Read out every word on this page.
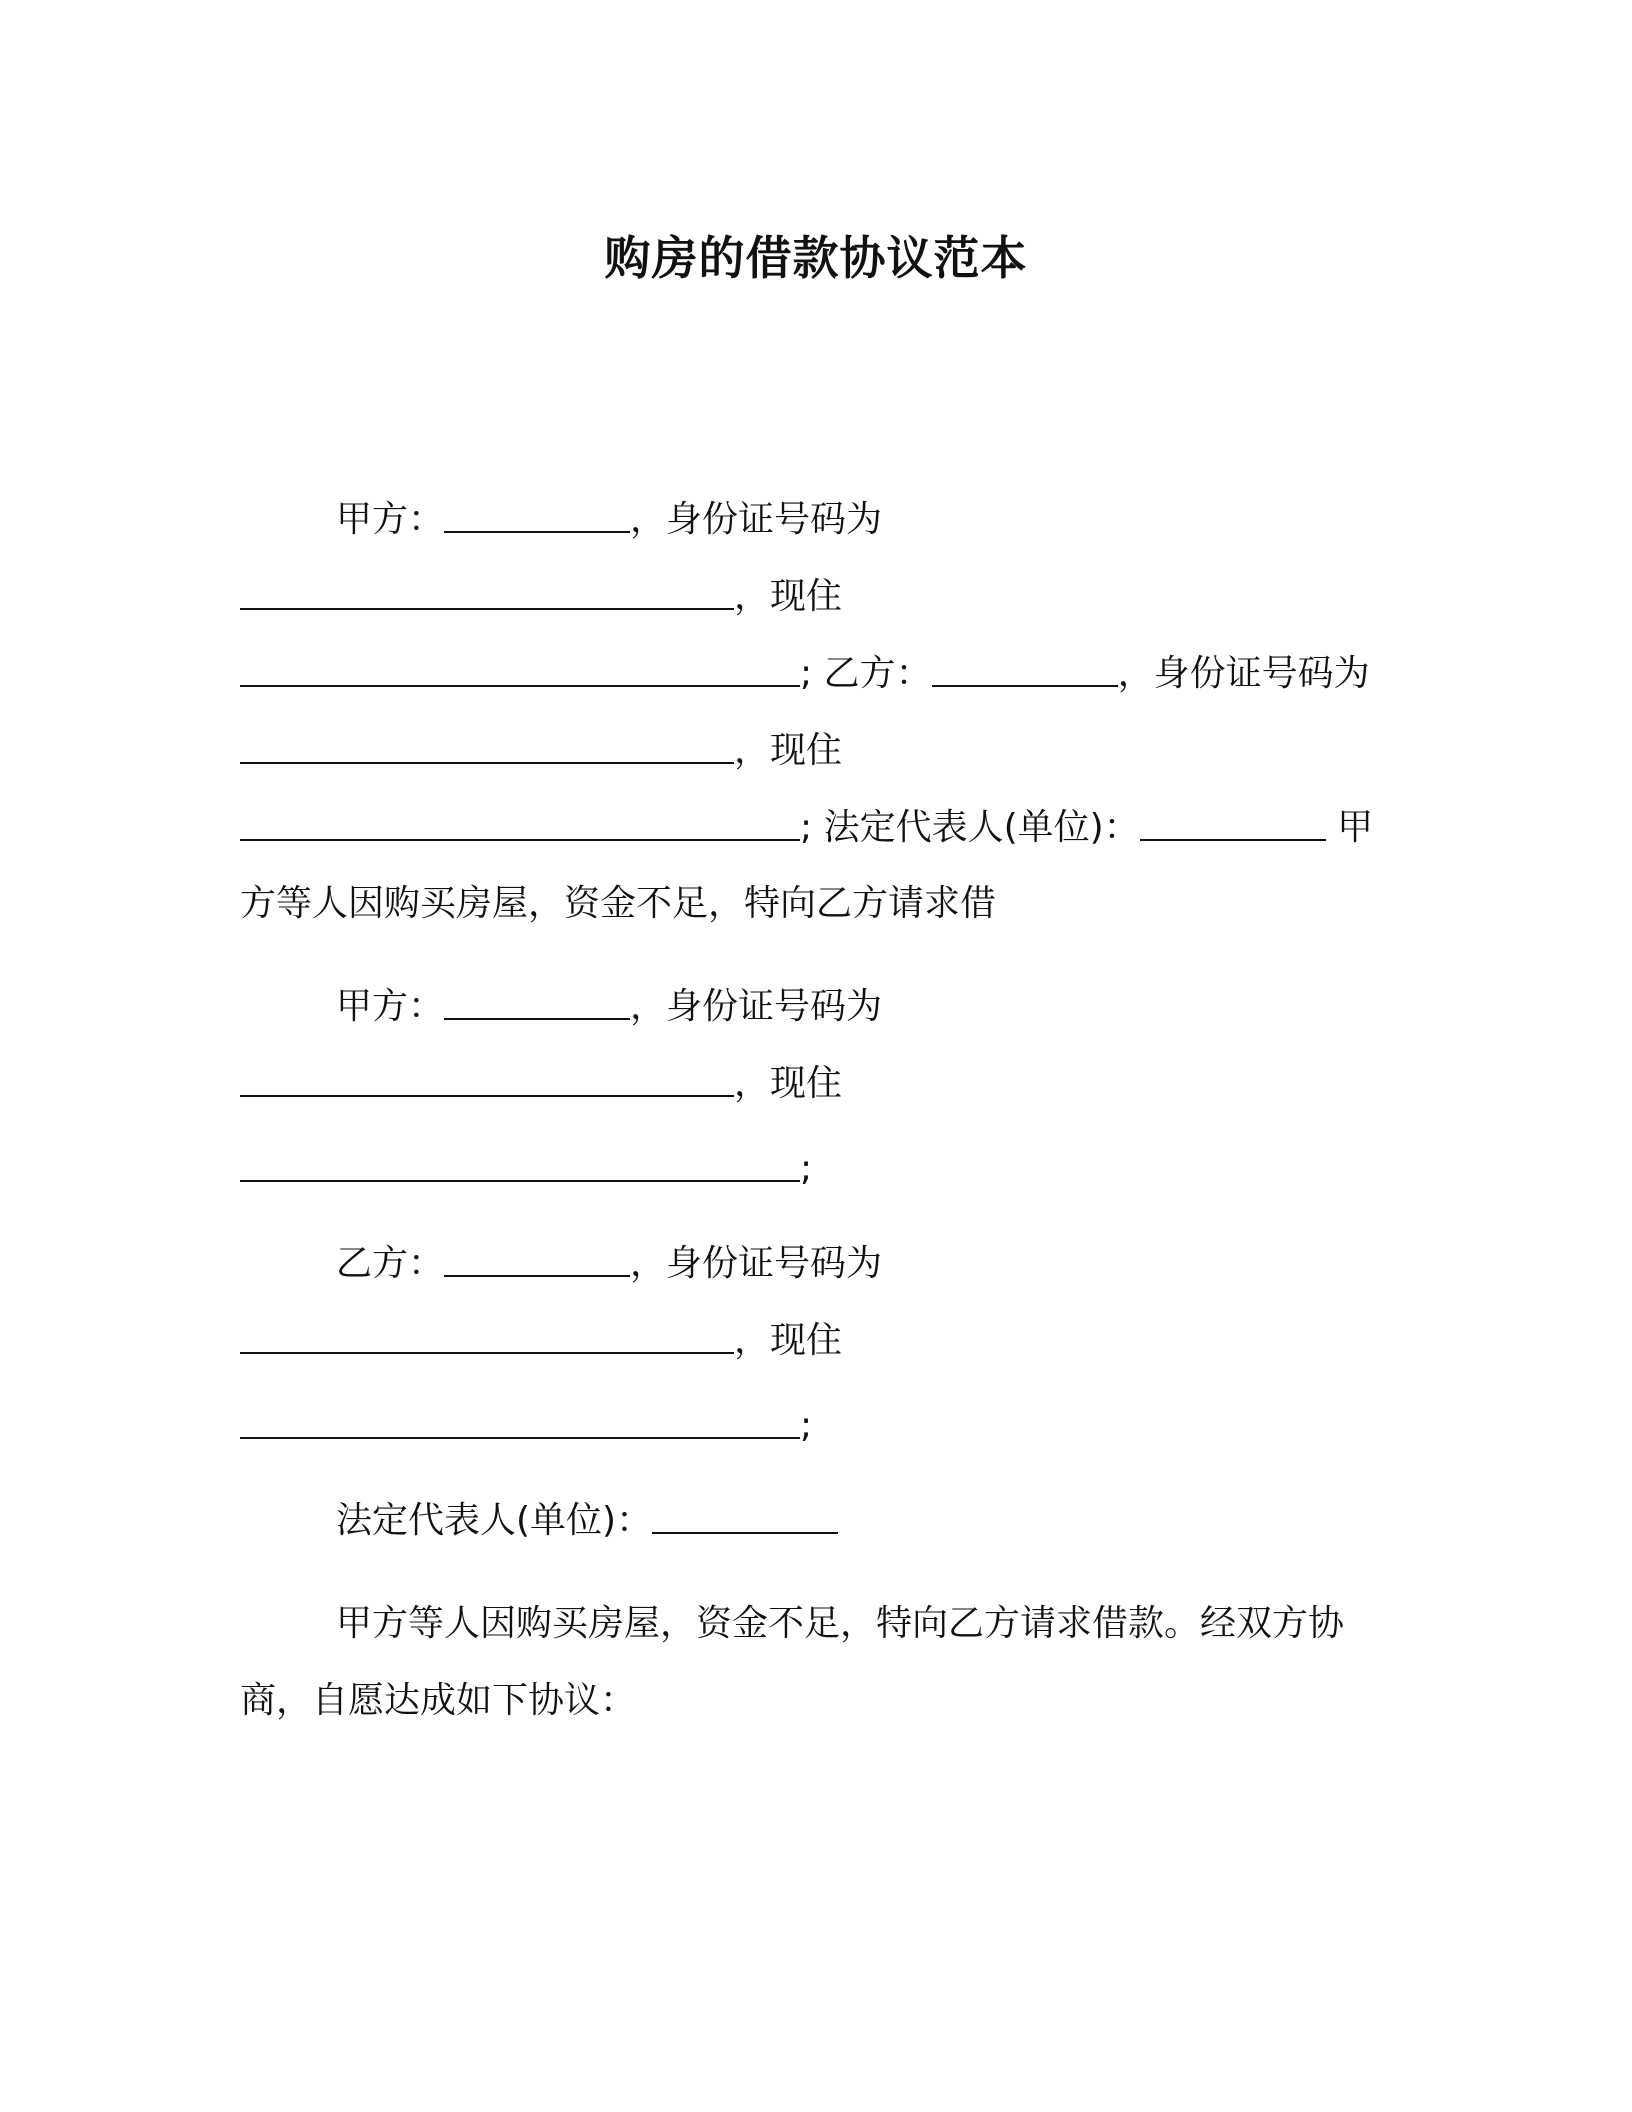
购房的借款协议范本
甲方：	，身份证号码为
，现住
; 乙方：	，身份证号码为
，现住
; 法定代表人(单位)：	甲
方等人因购买房屋，资金不足，特向乙方请求借
甲方：	，身份证号码为
，现住
;
乙方：	，身份证号码为
，现住
;
法定代表人(单位)：
甲方等人因购买房屋，资金不足，特向乙方请求借款。经双方协
商，自愿达成如下协议：
